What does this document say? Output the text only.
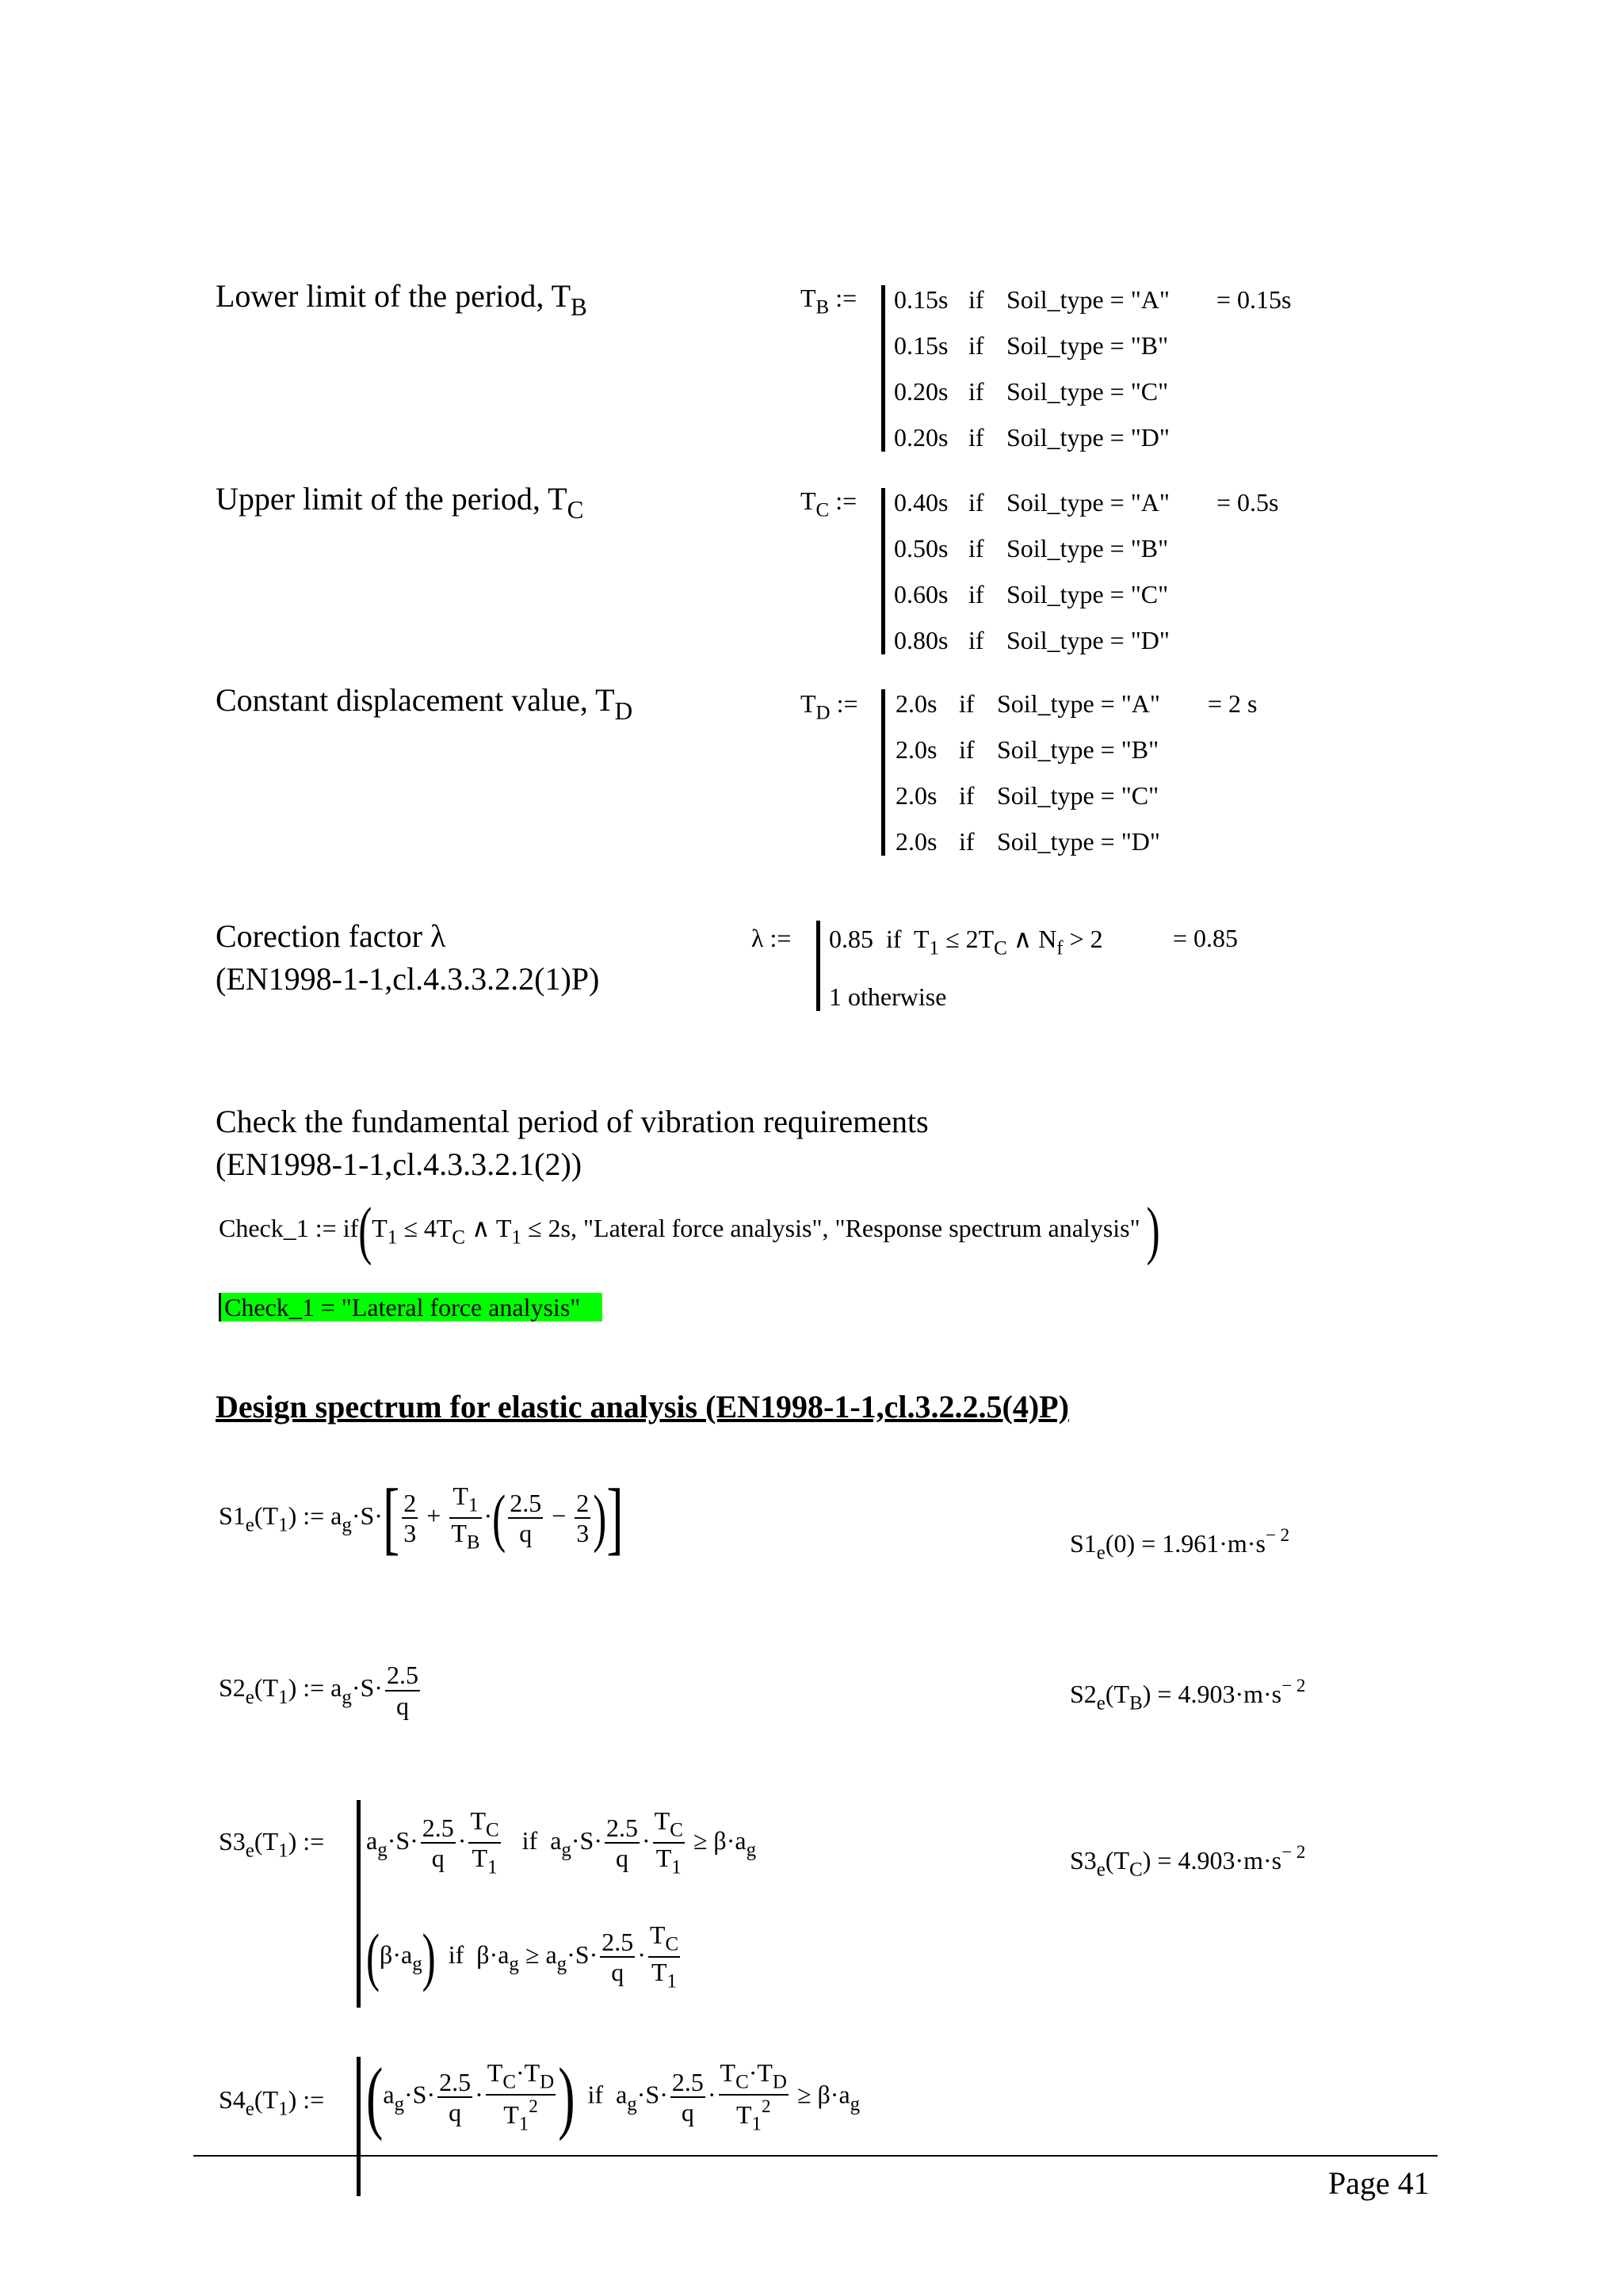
Lower limit of the period, $T_B$	$T_B$ := 0.15s if Soil_type = "A"
0.15s if Soil_type = "B"
0.20s if Soil_type = "C"
0.20s if Soil_type = "D"
= 0.15s
Upper limit of the period, $T_C$	$T_C$ := 0.40s if Soil_type = "A"
0.50s if Soil_type = "B"
0.60s if Soil_type = "C"
0.80s if Soil_type = "D"
= 0.5s
Constant displacement value, $T_D$	$T_D$ := 2.0s if Soil_type = "A"
2.0s if Soil_type = "B"
2.0s if Soil_type = "C"
2.0s if Soil_type = "D"
= 2 s
Corection factor λ
(EN1998-1-1,cl.4.3.3.2.2(1)P)
λ := 0.85 if  $T_1 \le 2T_C$ ∧ $N_f > 2$
1 otherwise
= 0.85
Check the fundamental period of vibration requirements
(EN1998-1-1,cl.4.3.3.2.1(2))
Check_1 := $if(T_1 \le 4T_C$ ∧ $T_1 \le 2s$, "Lateral force analysis", "Response spectrum analysis" )
Check_1 = "Lateral force analysis"
Design spectrum for elastic analysis (EN1998-1-1,cl.3.2.2.5(4)P)
$S1_e(T_1)$ := $a_g\cdot S\cdot[ \frac{2}{3} + \frac{T_1}{T_B}$ ·( $\frac{2.5}{q} - \frac{2}{3}$ )]	$S1_e(0) = 1.961\cdot m\cdot s^{- 2}$
$S2_e(T_1)$ := $a_g\cdot S\cdot \frac{2.5}{q}$	$S2_e(T_B) = 4.903\cdot m\cdot s^{- 2}$
$S3_e(T_1)$ := $a_g\cdot S\cdot \frac{2.5}{q} \cdot \frac{T_C}{T_1}$ if  $a_g\cdot S\cdot \frac{2.5}{q} \cdot \frac{T_C}{T_1} \ge \beta\cdot a_g$
$(\beta\cdot a_g)$  if  $\beta\cdot a_g \ge a_g\cdot S\cdot \frac{2.5}{q} \cdot \frac{T_C}{T_1}$
$S3_e(T_C) = 4.903\cdot m\cdot s^{- 2}$
$S4_e(T_1)$ := ($a_g\cdot S\cdot \frac{2.5}{q} \cdot \frac{T_C\cdot T_D}{T_1^2}$ )  if  $a_g\cdot S\cdot \frac{2.5}{q} \cdot \frac{T_C\cdot T_D}{T_1^2} \ge \beta\cdot a_g$
Page 41
